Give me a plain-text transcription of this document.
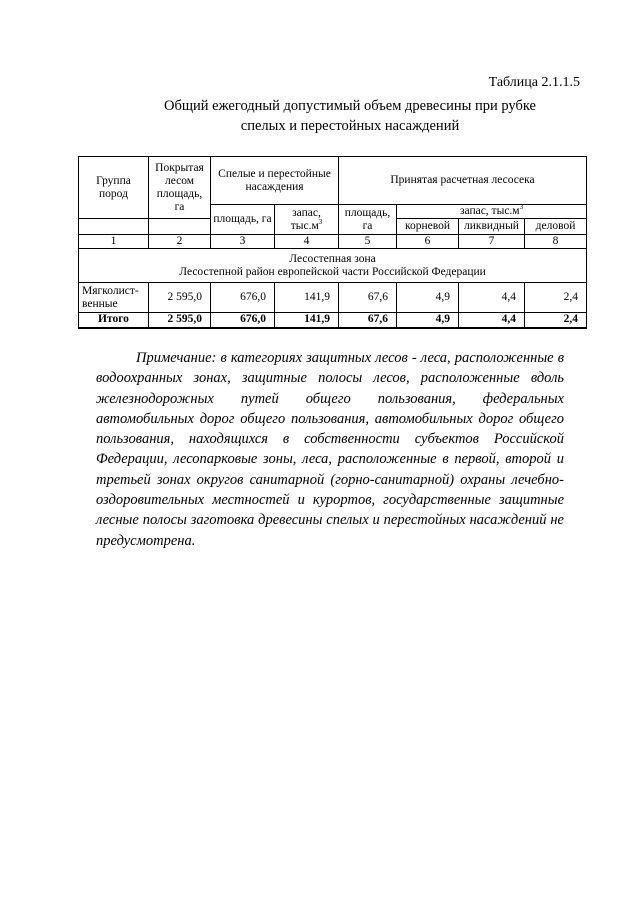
Таблица 2.1.1.5
Общий ежегодный допустимый объем древесины при рубке
спелых и перестойных насаждений
Группа пород	Покрытая лесом площадь, га	Спелые и перестойные насаждения		Принятая расчетная лесосека			
		площадь, га	запас, $тыс.м^3$	площадь, га	запас, $тыс.м^3$
					корневой	ликвидный	деловой
1	2	3	4	5	6	7	8

Лесостепная зона
Лесостепной район европейской части Российской Федерации							

Мягколист-венные	2 595,0	676,0	141,9	67,6	4,9	4,4	2,4
Итого	2 595,0	676,0	141,9	67,6	4,9	4,4	2,4
Примечание: в категориях защитных лесов - леса, расположенные в водоохранных зонах, защитные полосы лесов, расположенные вдоль железнодорожных путей общего пользования, федеральных автомобильных дорог общего пользования, автомобильных дорог общего пользования, находящихся в собственности субъектов Российской Федерации, лесопарковые зоны, леса, расположенные в первой, второй и третьей зонах округов санитарной (горно-санитарной) охраны лечебно-оздоровительных местностей и курортов, государственные защитные лесные полосы заготовка древесины спелых и перестойных насаждений не
предусмотрена.
